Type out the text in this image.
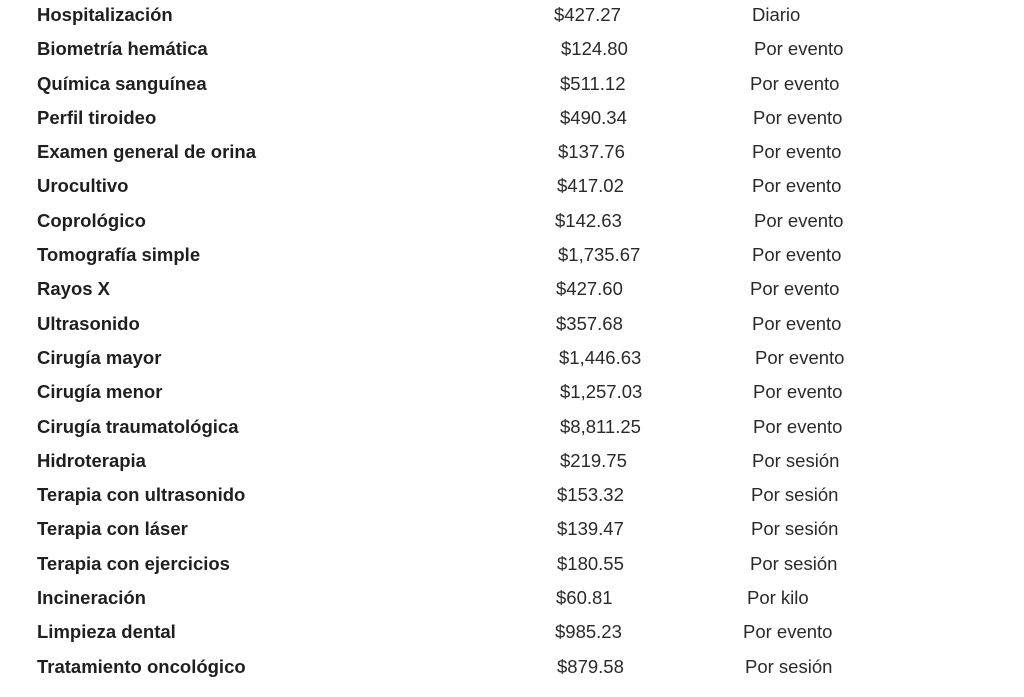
Hospitalización	$427.27	Diario
Biometría hemática	$124.80	Por evento
Química sanguínea	$511.12	Por evento
Perfil tiroideo	$490.34	Por evento
Examen general de orina	$137.76	Por evento
Urocultivo	$417.02	Por evento
Coprológico	$142.63	Por evento
Tomografía simple	$1,735.67	Por evento
Rayos X	$427.60	Por evento
Ultrasonido	$357.68	Por evento
Cirugía mayor	$1,446.63	Por evento
Cirugía menor	$1,257.03	Por evento
Cirugía traumatológica	$8,811.25	Por evento
Hidroterapia	$219.75	Por sesión
Terapia con ultrasonido	$153.32	Por sesión
Terapia con láser	$139.47	Por sesión
Terapia con ejercicios	$180.55	Por sesión
Incineración	$60.81	Por kilo
Limpieza dental	$985.23	Por evento
Tratamiento oncológico	$879.58	Por sesión
